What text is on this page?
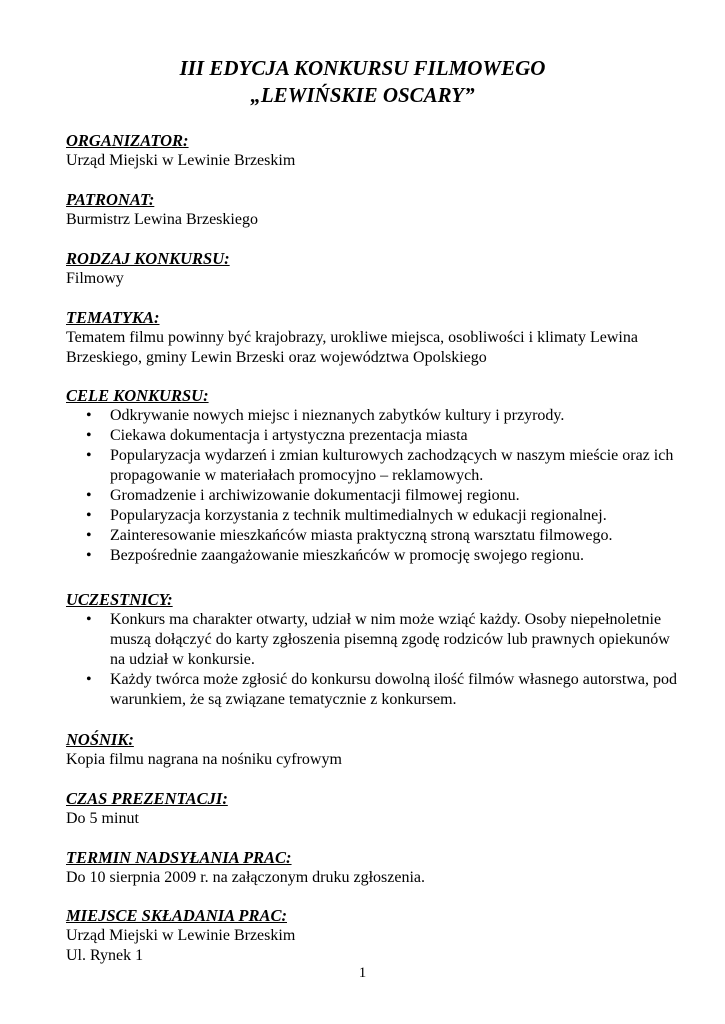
III EDYCJA KONKURSU FILMOWEGO

„LEWIŃSKIE OSCARY”

ORGANIZATOR:

Urząd Miejski w Lewinie Brzeskim

PATRONAT:

Burmistrz Lewina Brzeskiego

RODZAJ KONKURSU:

Filmowy

TEMATYKA:

Tematem filmu powinny być krajobrazy, urokliwe miejsca, osobliwości i klimaty Lewina Brzeskiego, gminy Lewin Brzeski oraz województwa Opolskiego

CELE KONKURSU:

• Odkrywanie nowych miejsc i nieznanych zabytków kultury i przyrody.
• Ciekawa dokumentacja i artystyczna prezentacja miasta
• Popularyzacja wydarzeń i zmian kulturowych zachodzących w naszym mieście oraz ich propagowanie w materiałach promocyjno – reklamowych.
• Gromadzenie i archiwizowanie dokumentacji filmowej regionu.
• Popularyzacja korzystania z technik multimedialnych w edukacji regionalnej.
• Zainteresowanie mieszkańców miasta praktyczną stroną warsztatu filmowego.
• Bezpośrednie zaangażowanie mieszkańców w promocję swojego regionu.

UCZESTNICY:

• Konkurs ma charakter otwarty, udział w nim może wziąć każdy. Osoby niepełnoletnie muszą dołączyć do karty zgłoszenia pisemną zgodę rodziców lub prawnych opiekunów na udział w konkursie.
• Każdy twórca może zgłosić do konkursu dowolną ilość filmów własnego autorstwa, pod warunkiem, że są związane tematycznie z konkursem.

NOŚNIK:

Kopia filmu nagrana na nośniku cyfrowym

CZAS PREZENTACJI:

Do 5 minut

TERMIN NADSYŁANIA PRAC:

Do 10 sierpnia 2009 r. na załączonym druku zgłoszenia.

MIEJSCE SKŁADANIA PRAC:

Urząd Miejski w Lewinie Brzeskim

Ul. Rynek 1

1
